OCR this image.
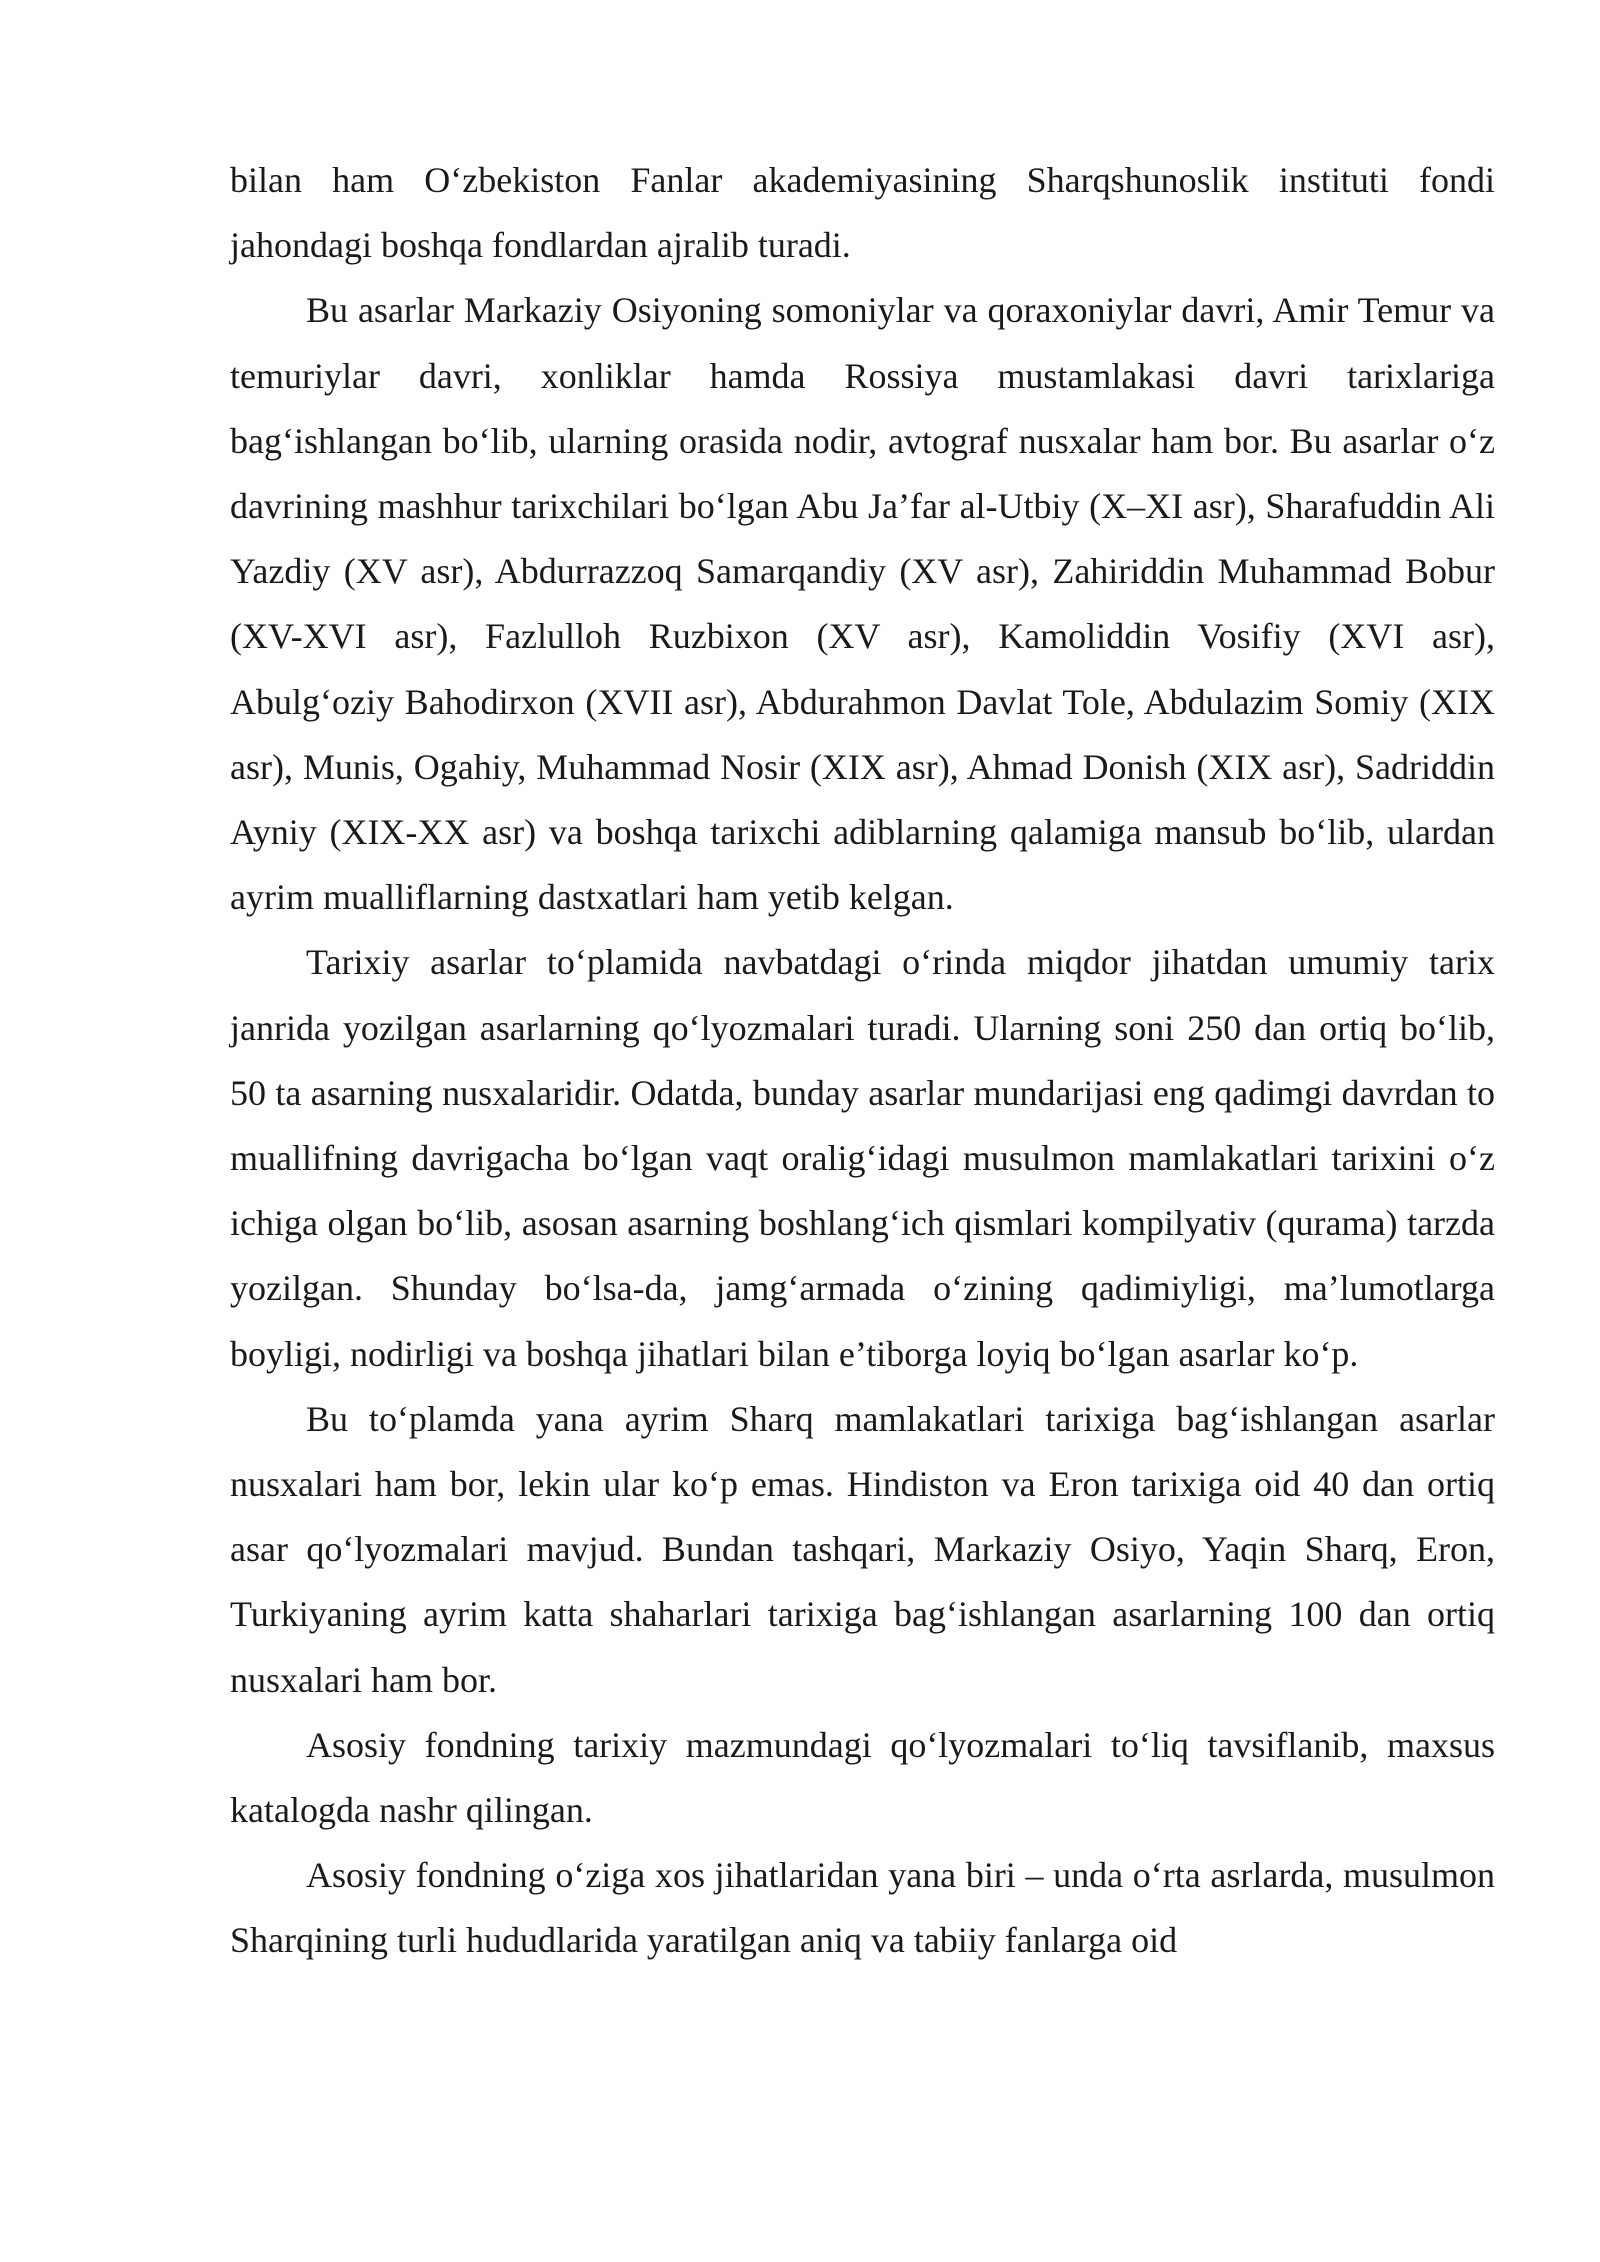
bilan ham O‘zbekiston Fanlar akademiyasining Sharqshunoslik instituti fondi jahondagi boshqa fondlardan ajralib turadi.

Bu asarlar Markaziy Osiyoning somoniylar va qoraxoniylar davri, Amir Temur va temuriylar davri, xonliklar hamda Rossiya mustamlakasi davri tarixlariga bag‘ishlangan bo‘lib, ularning orasida nodir, avtograf nusxalar ham bor. Bu asarlar o‘z davrining mashhur tarixchilari bo‘lgan Abu Ja’far al-Utbiy (X–XI asr), Sharafuddin Ali Yazdiy (XV asr), Abdurrazzoq Samarqandiy (XV asr), Zahiriddin Muhammad Bobur (XV-XVI asr), Fazlulloh Ruzbixon (XV asr), Kamoliddin Vosifiy (XVI asr), Abulg‘oziy Bahodirxon (XVII asr), Abdurahmon Davlat Tole, Abdulazim Somiy (XIX asr), Munis, Ogahiy, Muhammad Nosir (XIX asr), Ahmad Donish (XIX asr), Sadriddin Ayniy (XIX-XX asr) va boshqa tarixchi adiblarning qalamiga mansub bo‘lib, ulardan ayrim mualliflarning dastxatlari ham yetib kelgan.

Tarixiy asarlar to‘plamida navbatdagi o‘rinda miqdor jihatdan umumiy tarix janrida yozilgan asarlarning qo‘lyozmalari turadi. Ularning soni 250 dan ortiq bo‘lib, 50 ta asarning nusxalaridir. Odatda, bunday asarlar mundarijasi eng qadimgi davrdan to muallifning davrigacha bo‘lgan vaqt oralig‘idagi musulmon mamlakatlari tarixini o‘z ichiga olgan bo‘lib, asosan asarning boshlang‘ich qismlari kompilyativ (qurama) tarzda yozilgan. Shunday bo‘lsa-da, jamg‘armada o‘zining qadimiyligi, ma’lumotlarga boyligi, nodirligi va boshqa jihatlari bilan e’tiborga loyiq bo‘lgan asarlar ko‘p.

Bu to‘plamda yana ayrim Sharq mamlakatlari tarixiga bag‘ishlangan asarlar nusxalari ham bor, lekin ular ko‘p emas. Hindiston va Eron tarixiga oid 40 dan ortiq asar qo‘lyozmalari mavjud. Bundan tashqari, Markaziy Osiyo, Yaqin Sharq, Eron, Turkiyaning ayrim katta shaharlari tarixiga bag‘ishlangan asarlarning 100 dan ortiq nusxalari ham bor.

Asosiy fondning tarixiy mazmundagi qo‘lyozmalari to‘liq tavsiflanib, maxsus katalogda nashr qilingan.

Asosiy fondning o‘ziga xos jihatlaridan yana biri – unda o‘rta asrlarda, musulmon Sharqining turli hududlarida yaratilgan aniq va tabiiy fanlarga oid
